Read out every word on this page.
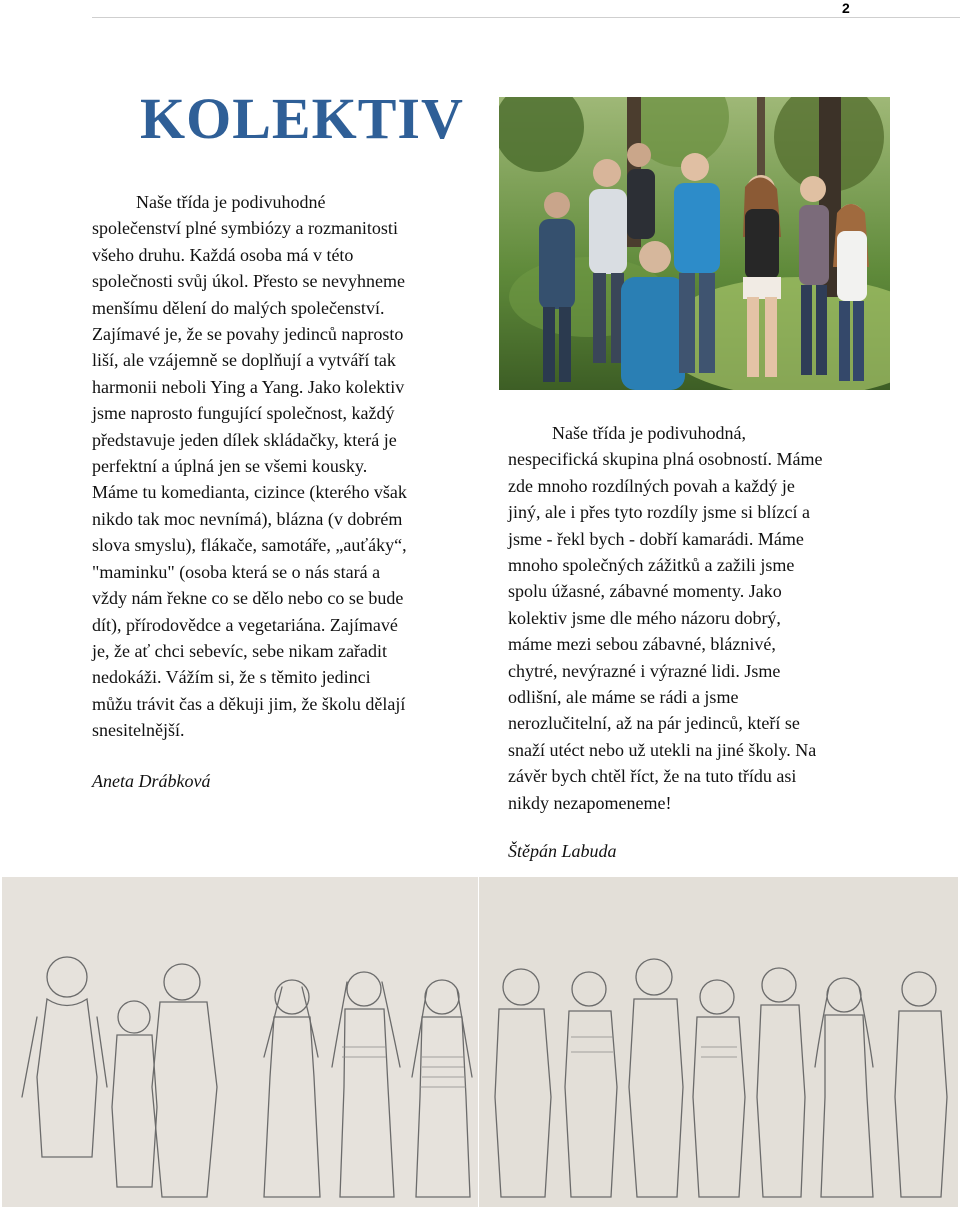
2
KOLEKTIV

Naše třída je podivuhodné
společenství plné symbiózy a rozmanitosti
všeho druhu. Každá osoba má v této
společnosti svůj úkol. Přesto se nevyhneme
menšímu dělení do malých společenství.
Zajímavé je, že se povahy jedinců naprosto
liší, ale vzájemně se doplňují a vytváří tak
harmonii neboli Ying a Yang. Jako kolektiv
jsme naprosto fungující společnost, každý
představuje jeden dílek skládačky, která je
perfektní a úplná jen se všemi kousky.
Máme tu komedianta, cizince (kterého však
nikdo tak moc nevnímá), blázna (v dobrém
slova smyslu), flákače, samotáře, „auťáky“,
"maminku" (osoba která se o nás stará a
vždy nám řekne co se dělo nebo co se bude
dít), přírodovědce a vegetariána. Zajímavé
je, že ať chci sebevíc, sebe nikam zařadit
nedokáži. Vážím si, že s těmito jedinci
můžu trávit čas a děkuji jim, že školu dělají
snesitelnější.

Aneta Drábková

Naše třída je podivuhodná,
nespecifická skupina plná osobností. Máme
zde mnoho rozdílných povah a každý je
jiný, ale i přes tyto rozdíly jsme si blízcí a
jsme - řekl bych - dobří kamarádi. Máme
mnoho společných zážitků a zažili jsme
spolu úžasné, zábavné momenty. Jako
kolektiv jsme dle mého názoru dobrý,
máme mezi sebou zábavné, bláznivé,
chytré, nevýrazné i výrazné lidi. Jsme
odlišní, ale máme se rádi a jsme
nerozlučitelní, až na pár jedinců, kteří se
snaží utéct nebo už utekli na jiné školy. Na
závěr bych chtěl říct, že na tuto třídu asi
nikdy nezapomeneme!

Štěpán Labuda
